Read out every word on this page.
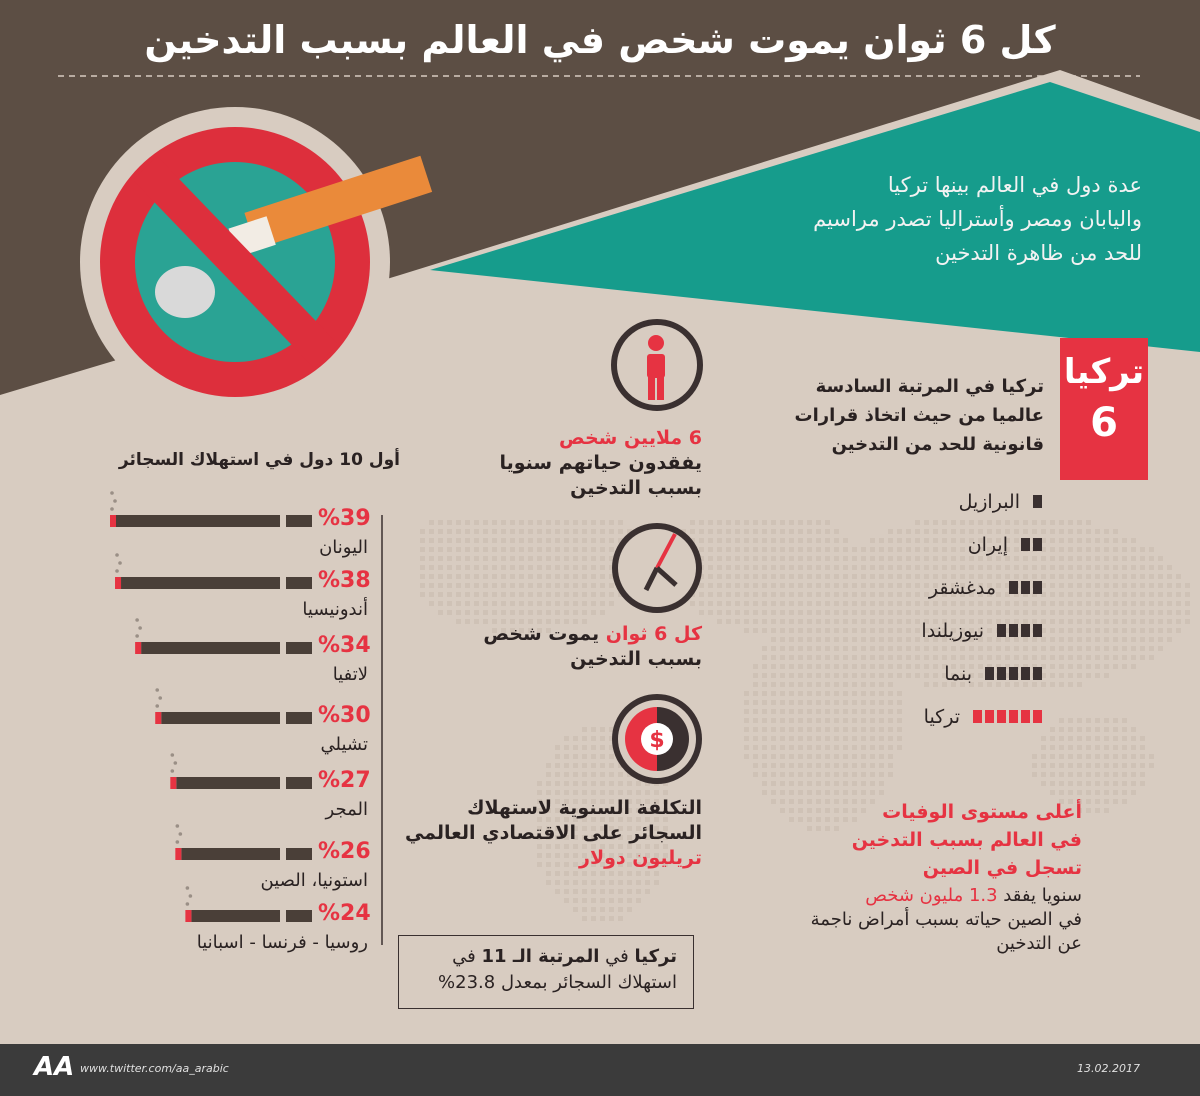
$
كل 6 ثوان يموت شخص في العالم بسبب التدخين
عدة دول في العالم بينها تركيا
واليابان ومصر وأستراليا تصدر مراسيم
للحد من ظاهرة التدخين
تركيا
6
تركيا في المرتبة السادسة
عالميا من حيث اتخاذ قرارات
قانونية للحد من التدخين
البرازيل
إيران
مدغشقر
نيوزيلندا
بنما
تركيا
6 ملايين شخص
يفقدون حياتهم سنويا
بسبب التدخين
كل 6 ثوان يموت شخص
بسبب التدخين
التكلفة السنوية لاستهلاك
السجائر على الاقتصادي العالمي
تريليون دولار
أول 10 دول في استهلاك السجائر
%39
اليونان
%38
أندونيسيا
%34
لاتفيا
%30
تشيلي
%27
المجر
%26
استونيا، الصين
%24
روسيا - فرنسا - اسبانيا
تركيا في المرتبة الـ 11 في
استهلاك السجائر بمعدل 23.8%
أعلى مستوى الوفيات
في العالم بسبب التدخين
تسجل في الصين
سنويا يفقد 1.3 مليون شخص
في الصين حياته بسبب أمراض ناجمة
عن التدخين
AA www.twitter.com/aa_arabic	13.02.2017
